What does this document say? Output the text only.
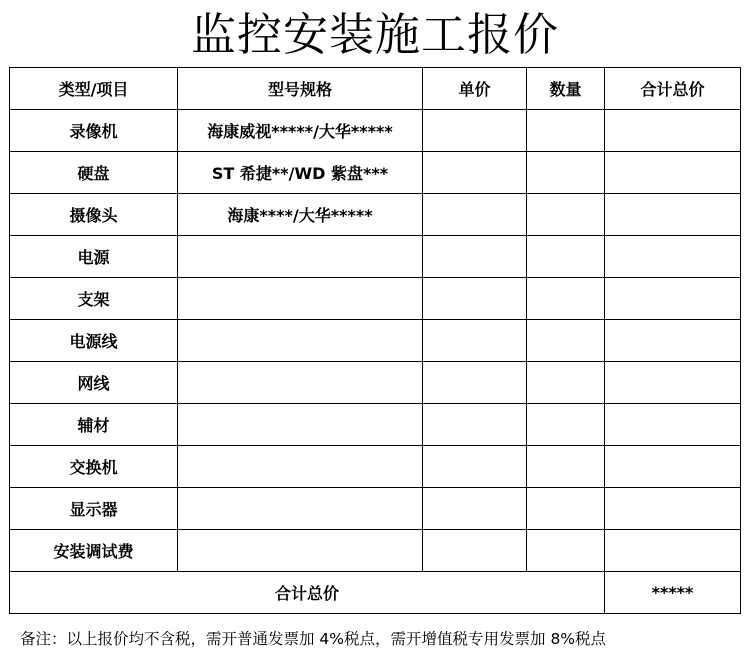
监控安装施工报价
类型/项目	型号规格	单价	数量	合计总价
录像机	海康威视*****/大华*****			
硬盘	ST 希捷**/WD 紫盘***			
摄像头	海康****/大华*****			
电源				
支架				
电源线				
网线				
辅材				
交换机				
显示器				
安装调试费				
合计总价				*****
备注：以上报价均不含税，需开普通发票加 4%税点，需开增值税专用发票加 8%税点
